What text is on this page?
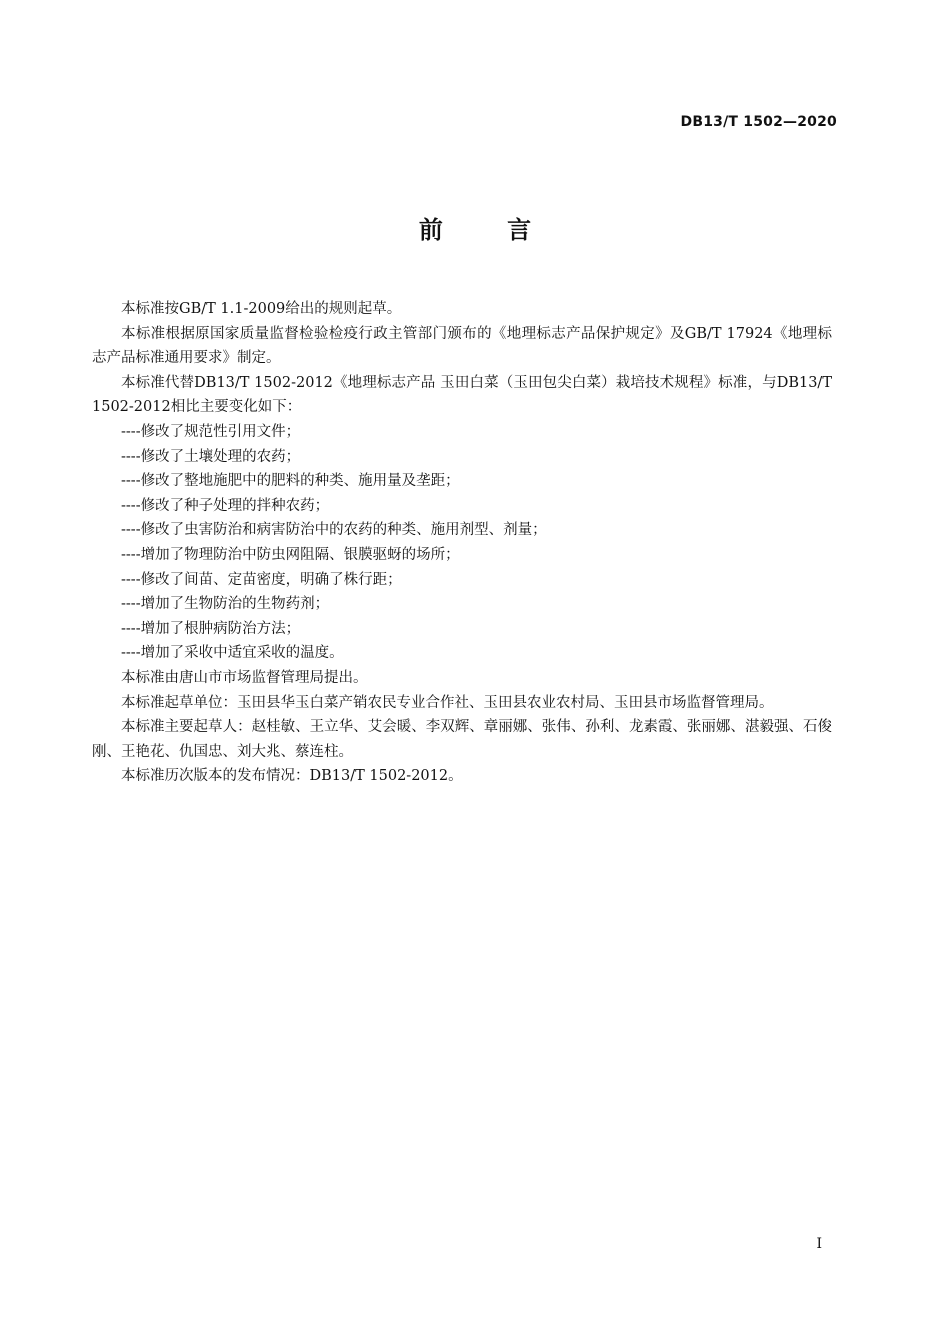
DB13/T 1502—2020
前 言

本标准按GB/T 1.1-2009给出的规则起草。

本标准根据原国家质量监督检验检疫行政主管部门颁布的《地理标志产品保护规定》及GB/T 17924《地理标志产品标准通用要求》制定。

本标准代替DB13/T 1502-2012《地理标志产品 玉田白菜（玉田包尖白菜）栽培技术规程》标准，与DB13/T 1502-2012相比主要变化如下：

----修改了规范性引用文件；

----修改了土壤处理的农药；

----修改了整地施肥中的肥料的种类、施用量及垄距；

----修改了种子处理的拌种农药；

----修改了虫害防治和病害防治中的农药的种类、施用剂型、剂量；

----增加了物理防治中防虫网阻隔、银膜驱蚜的场所；

----修改了间苗、定苗密度，明确了株行距；

----增加了生物防治的生物药剂；

----增加了根肿病防治方法；

----增加了采收中适宜采收的温度。

本标准由唐山市市场监督管理局提出。

本标准起草单位：玉田县华玉白菜产销农民专业合作社、玉田县农业农村局、玉田县市场监督管理局。

本标准主要起草人：赵桂敏、王立华、艾会暖、李双辉、章丽娜、张伟、孙利、龙素霞、张丽娜、湛毅强、石俊刚、王艳花、仇国忠、刘大兆、蔡连柱。

本标准历次版本的发布情况：DB13/T 1502-2012。

I
